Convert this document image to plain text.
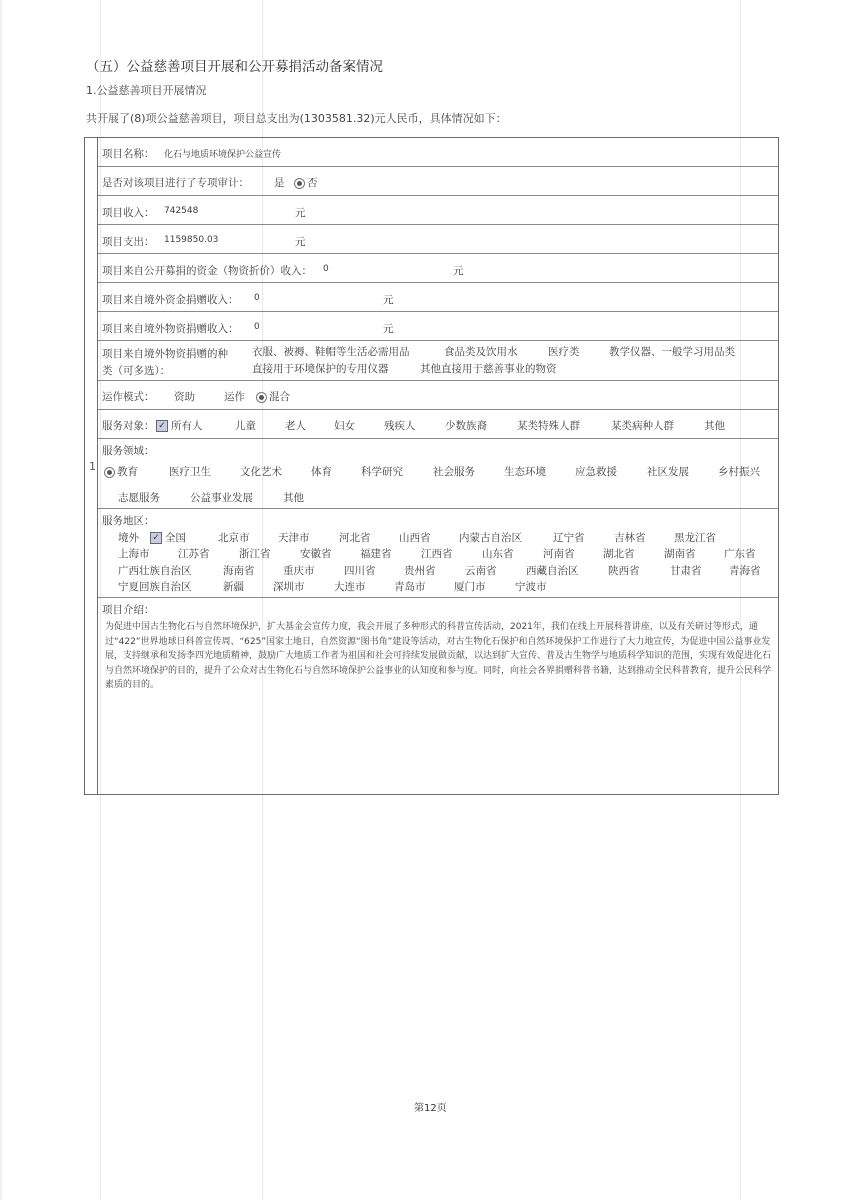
（五）公益慈善项目开展和公开募捐活动备案情况
1.公益慈善项目开展情况
共开展了(8)项公益慈善项目，项目总支出为(1303581.32)元人民币，具体情况如下：
1
项目名称： 化石与地质环境保护公益宣传
是否对该项目进行了专项审计： 是	否
项目收入： 742548	元
项目支出： 1159850.03	元
项目来自公开募捐的资金（物资折价）收入： 0	元
项目来自境外资金捐赠收入： 0	元
项目来自境外物资捐赠收入： 0	元
项目来自境外物资捐赠的种
类（可多选）：
衣服、被褥、鞋帽等生活必需用品	食品类及饮用水	医疗类	教学仪器、一般学习用品类
直接用于环境保护的专用仪器	其他直接用于慈善事业的物资
运作模式： 资助	运作	混合
服务对象： ✓ 所有人	儿童	老人	妇女	残疾人	少数族裔	某类特殊人群	某类病种人群	其他
服务领域：
教育	医疗卫生	文化艺术	体育	科学研究	社会服务	生态环境	应急救援	社区发展	乡村振兴
志愿服务	公益事业发展	其他
服务地区：
境外 ✓ 全国	北京市	天津市	河北省	山西省	内蒙古自治区	辽宁省	吉林省	黑龙江省
上海市	江苏省	浙江省	安徽省	福建省	江西省	山东省	河南省	湖北省	湖南省	广东省
广西壮族自治区	海南省	重庆市	四川省	贵州省	云南省	西藏自治区	陕西省	甘肃省	青海省
宁夏回族自治区	新疆	深圳市	大连市	青岛市	厦门市	宁波市
项目介绍：
为促进中国古生物化石与自然环境保护，扩大基金会宣传力度，我会开展了多种形式的科普宣传活动，2021年，我们在线上开展科普讲座，以及有关研讨等形式，通过“422”世界地球日科普宣传周、“625”国家土地日，自然资源“图书角”建设等活动，对古生物化石保护和自然环境保护工作进行了大力地宣传，为促进中国公益事业发展，支持继承和发扬李四光地质精神，鼓励广大地质工作者为祖国和社会可持续发展做贡献，以达到扩大宣传、普及古生物学与地质科学知识的范围，实现有效促进化石与自然环境保护的目的，提升了公众对古生物化石与自然环境保护公益事业的认知度和参与度。同时，向社会各界捐赠科普书籍，达到推动全民科普教育，提升公民科学素质的目的。
第12页
